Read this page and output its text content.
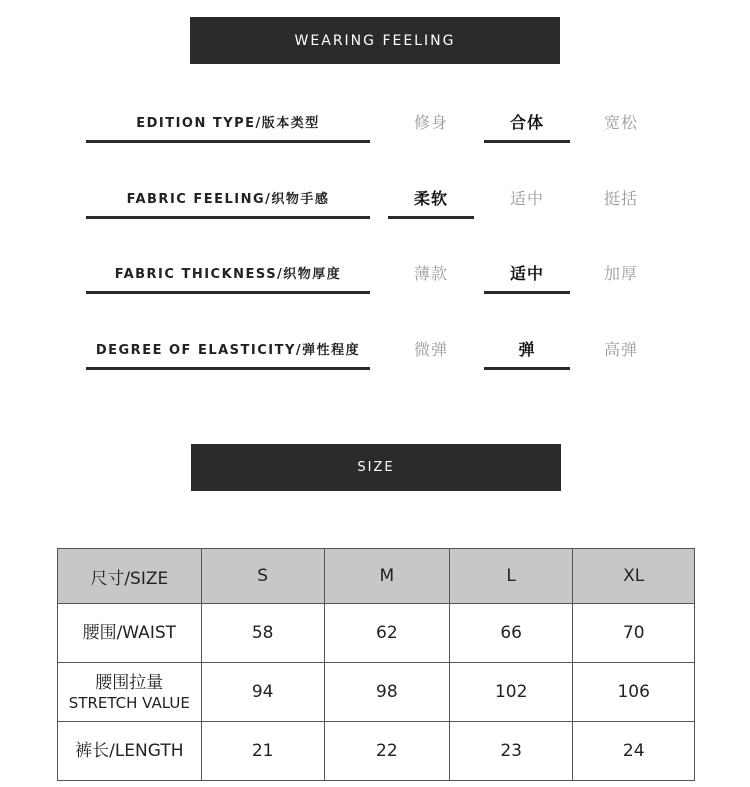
WEARING FEELING
EDITION TYPE/版本类型	修身	合体	宽松
FABRIC FEELING/织物手感	柔软	适中	挺括
FABRIC THICKNESS/织物厚度	薄款	适中	加厚
DEGREE OF ELASTICITY/弹性程度	微弹	弹	高弹
SIZE
尺寸/SIZE	S	M	L	XL

腰围/WAIST	58	62	66	70

腰围拉量
STRETCH VALUE	94	98	102	106

裤长/LENGTH	21	22	23	24
